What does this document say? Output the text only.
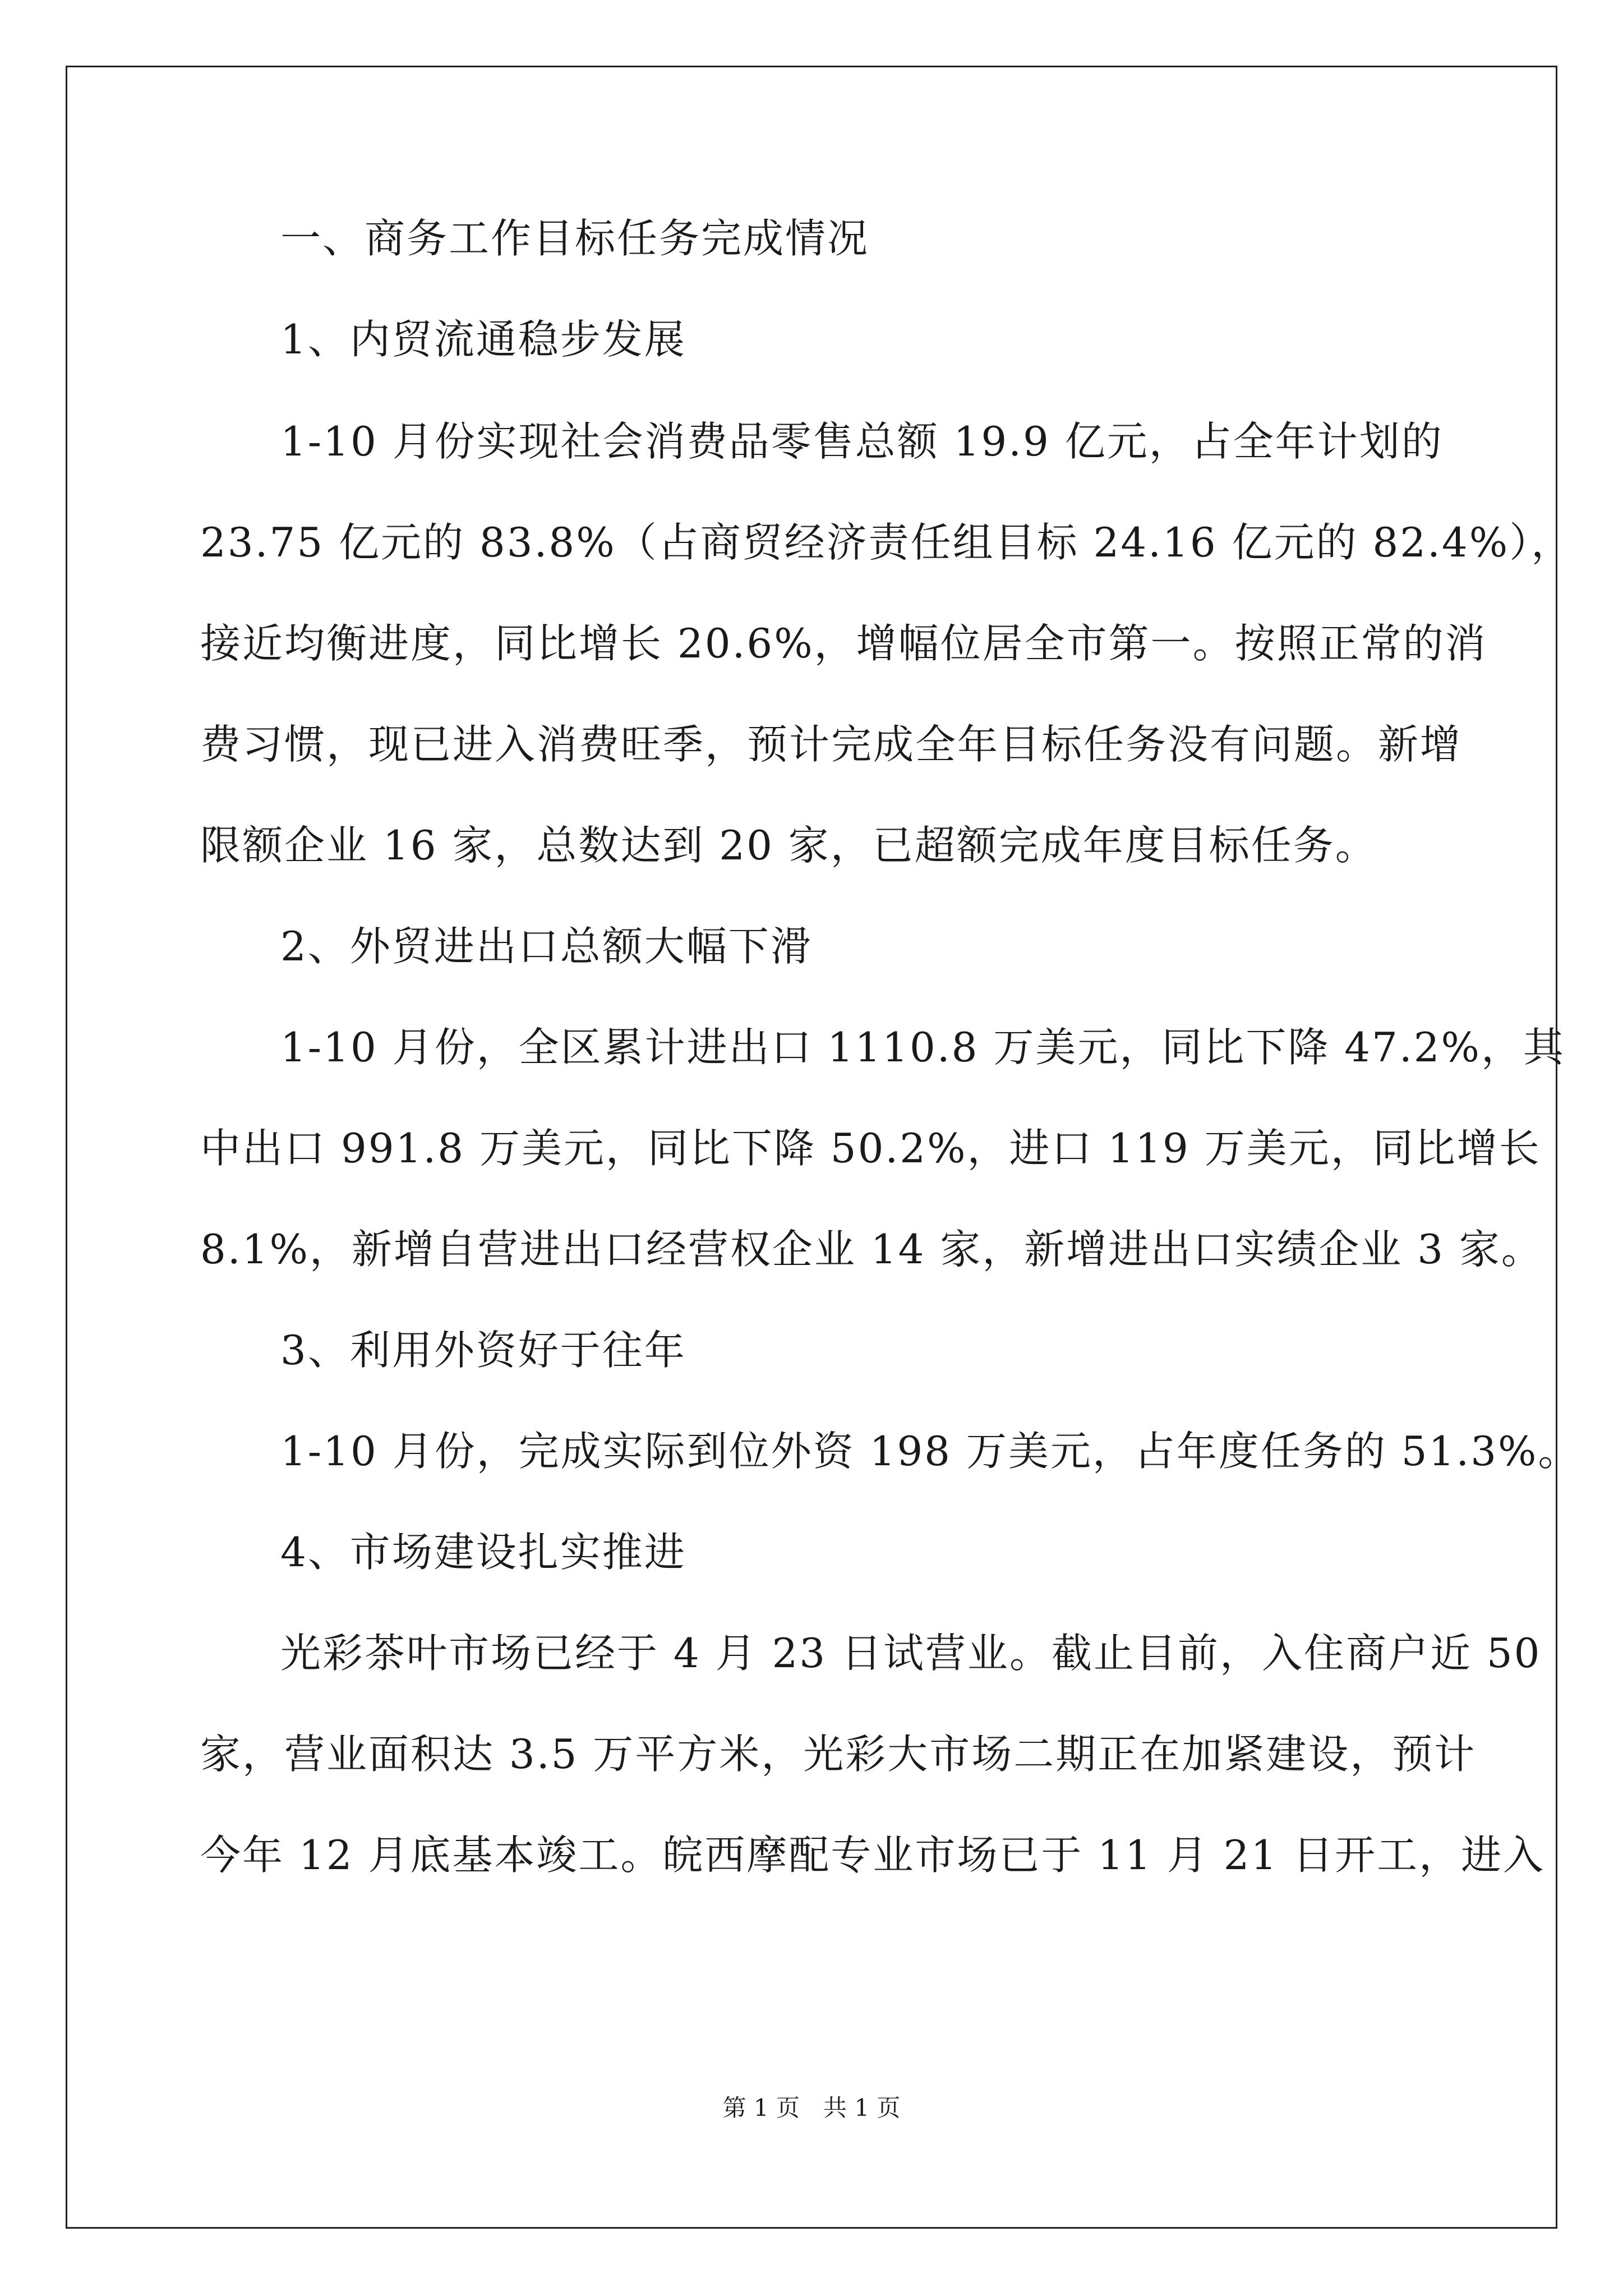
一、商务工作目标任务完成情况
1、内贸流通稳步发展
1-10 月份实现社会消费品零售总额 19.9 亿元，占全年计划的
23.75 亿元的 83.8%（占商贸经济责任组目标 24.16 亿元的 82.4%），
接近均衡进度，同比增长 20.6%，增幅位居全市第一。按照正常的消
费习惯，现已进入消费旺季，预计完成全年目标任务没有问题。新增
限额企业 16 家，总数达到 20 家，已超额完成年度目标任务。
2、外贸进出口总额大幅下滑
1-10 月份，全区累计进出口 1110.8 万美元，同比下降 47.2%，其
中出口 991.8 万美元，同比下降 50.2%，进口 119 万美元，同比增长
8.1%，新增自营进出口经营权企业 14 家，新增进出口实绩企业 3 家。
3、利用外资好于往年
1-10 月份，完成实际到位外资 198 万美元，占年度任务的 51.3%。
4、市场建设扎实推进
光彩茶叶市场已经于 4 月 23 日试营业。截止目前，入住商户近 50
家，营业面积达 3.5 万平方米，光彩大市场二期正在加紧建设，预计
今年 12 月底基本竣工。皖西摩配专业市场已于 11 月 21 日开工，进入
第 1 页　共 1 页
